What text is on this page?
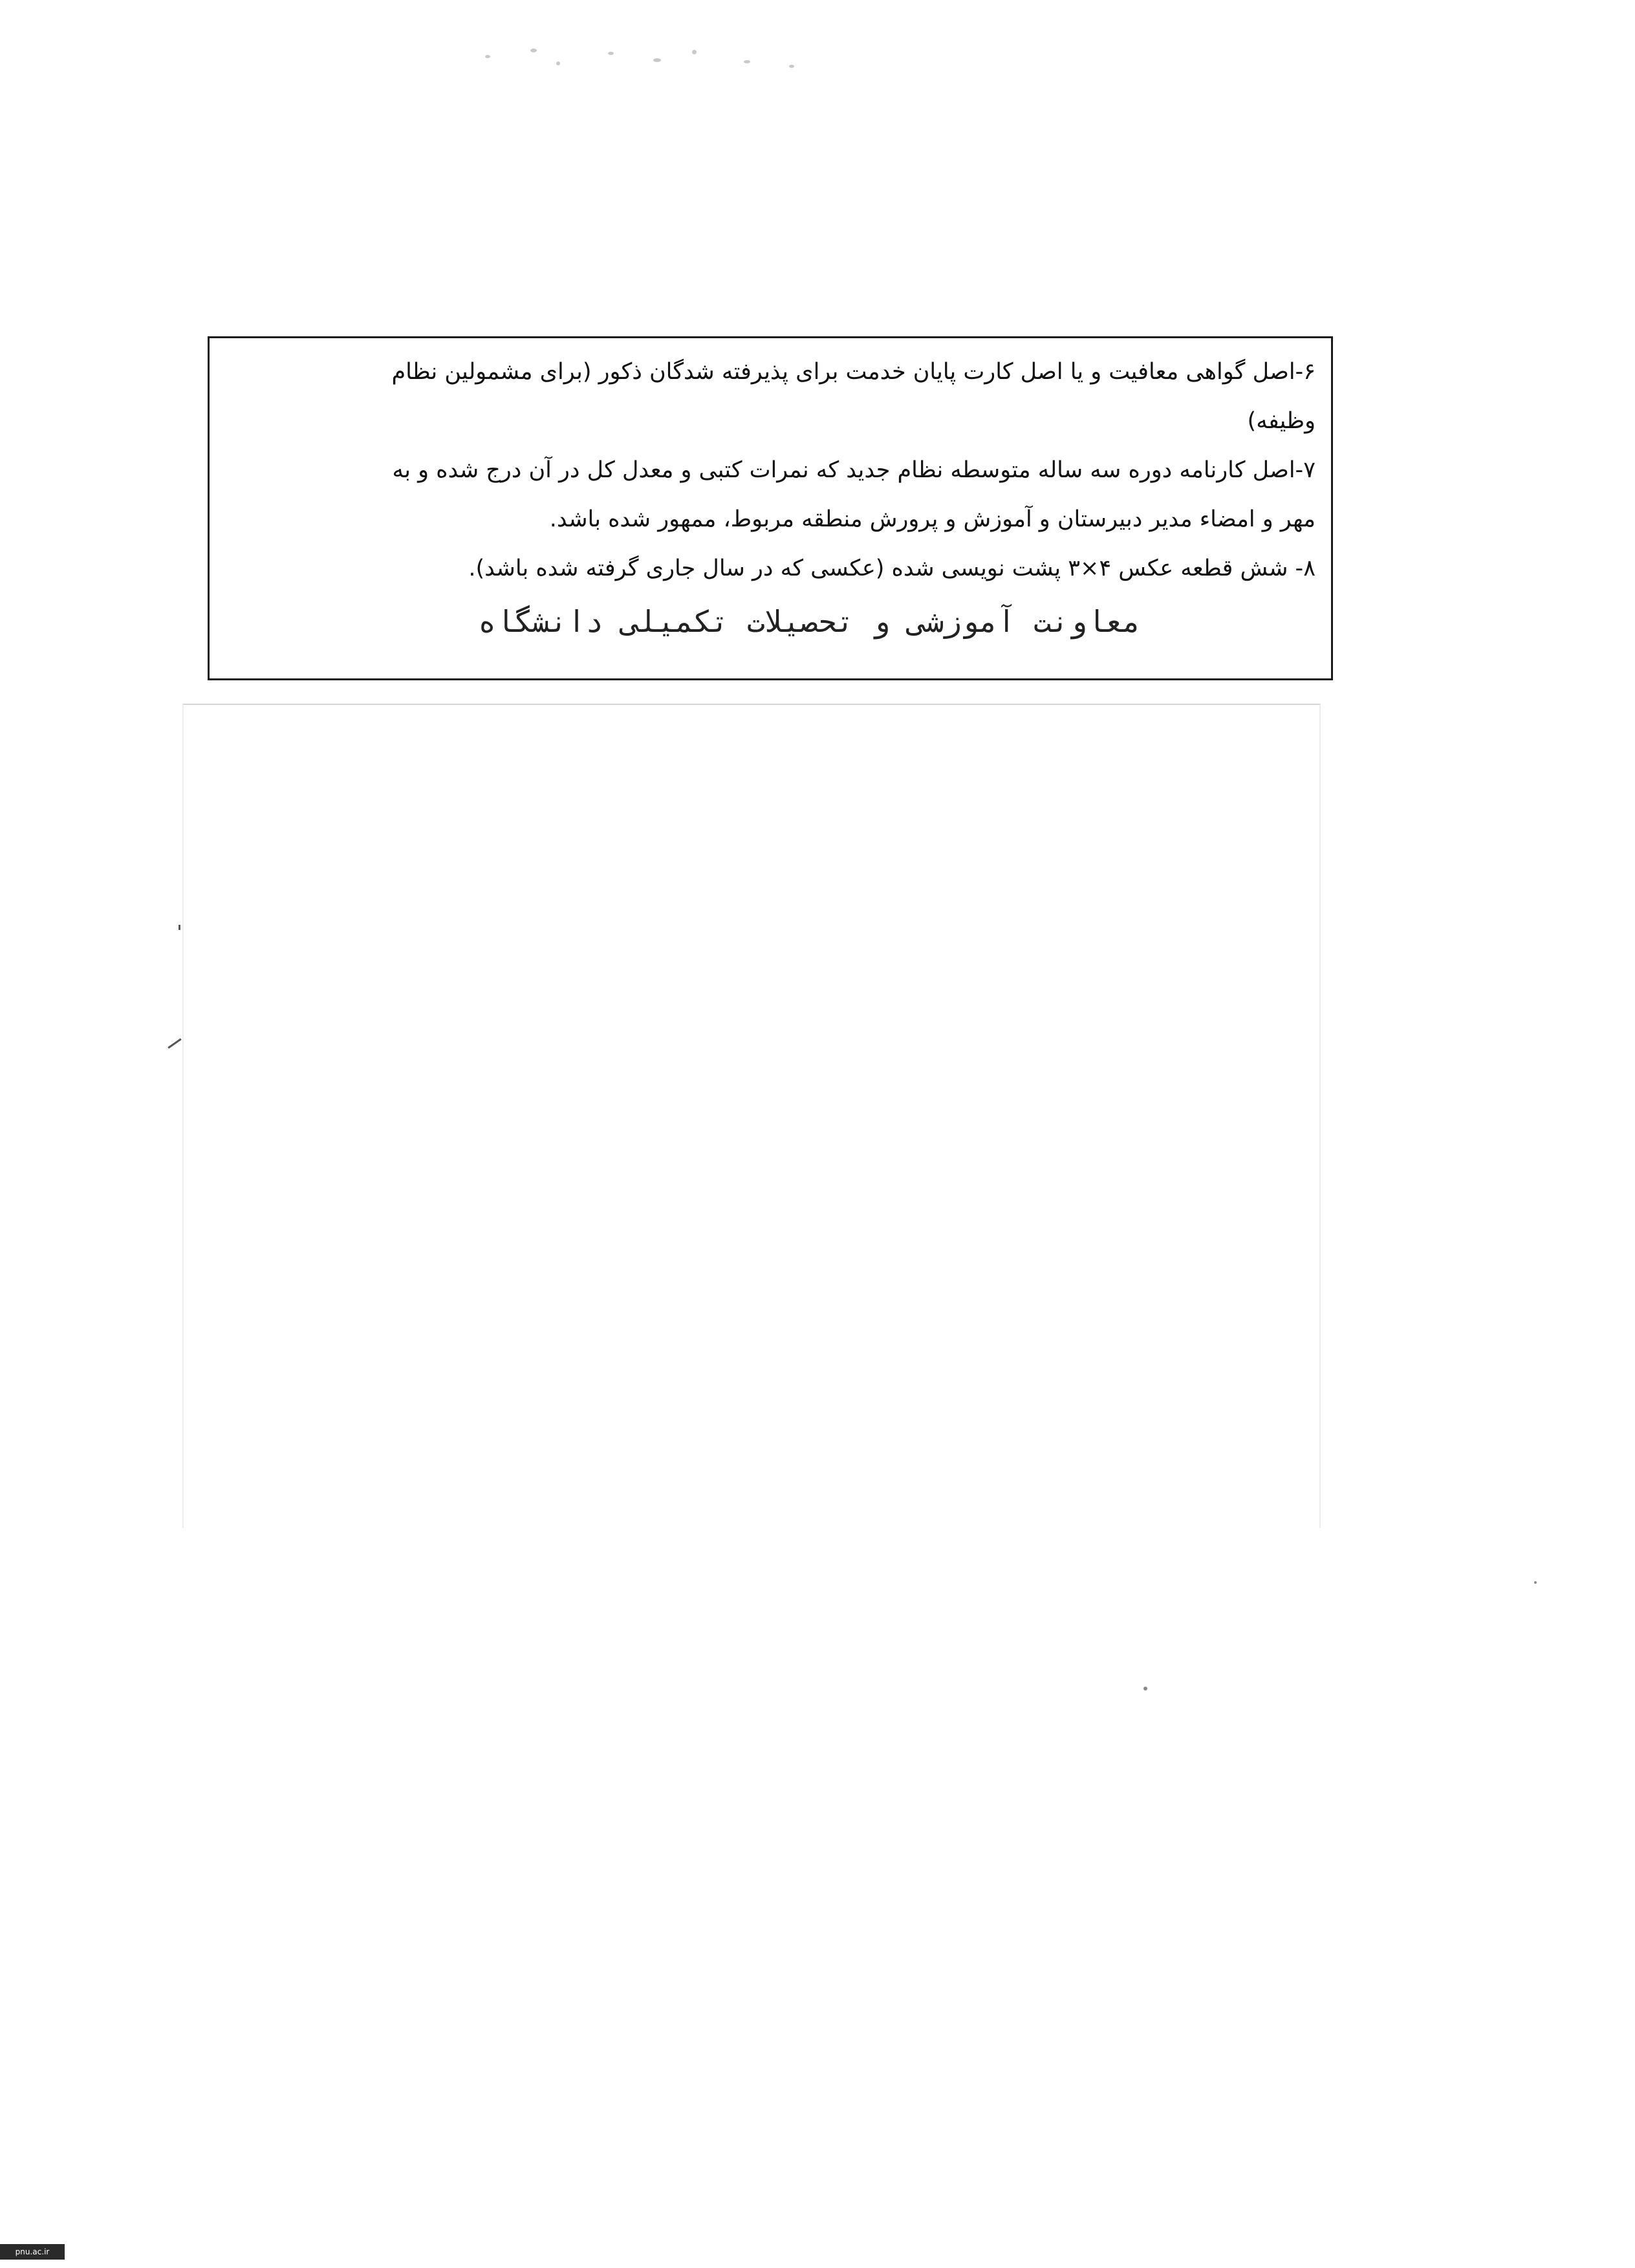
۶-اصل گواهی معافیت و یا اصل کارت پایان خدمت برای پذیرفته شدگان ذکور (برای مشمولین نظام
وظیفه)
۷-اصل کارنامه دوره سه ساله متوسطه نظام جدید که نمرات کتبی و معدل کل در آن درج شده و به
مهر و امضاء مدیر دبیرستان و آموزش و پرورش منطقه مربوط، ممهور شده باشد.
۸- شش قطعه عکس ۴×۳ پشت نویسی شده (عکسی که در سال جاری گرفته شده باشد).
معاونت آموزشی و تحصیلات تکمیلی دانشگاه
pnu.ac.ir
